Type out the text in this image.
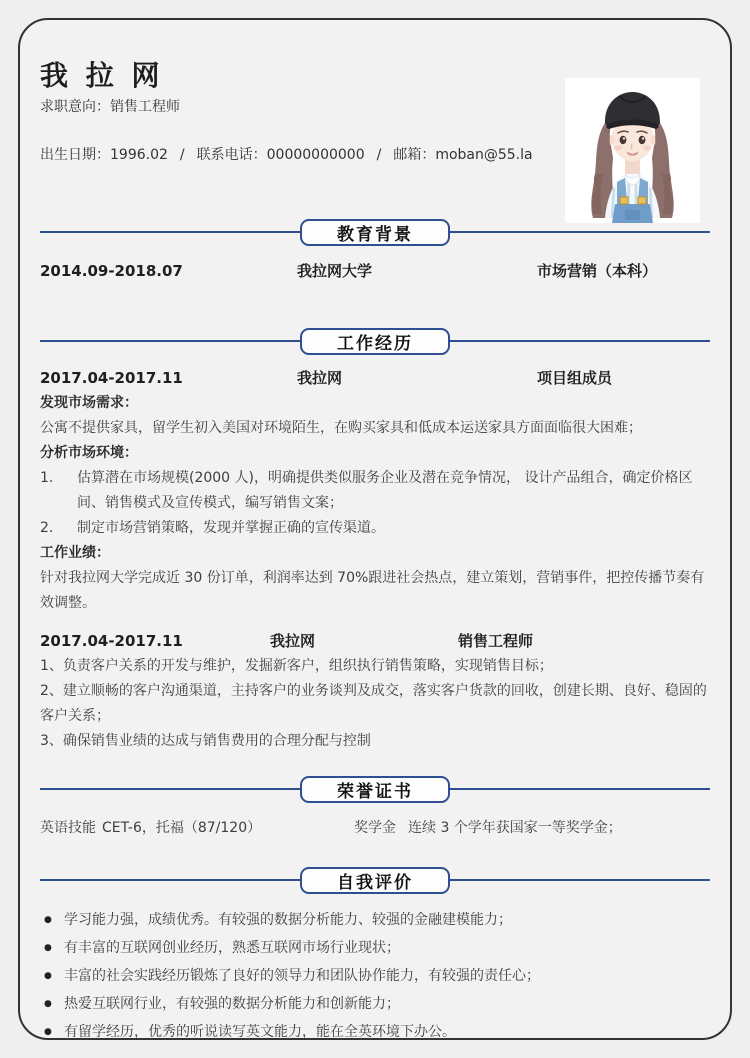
我 拉 网
求职意向：销售工程师
出生日期：1996.02 / 联系电话：00000000000 / 邮箱：moban@55.la
教育背景
2014.09-2018.07	我拉网大学	市场营销（本科）
工作经历
2017.04-2017.11	我拉网	项目组成员

发现市场需求：

公寓不提供家具，留学生初入美国对环境陌生，在购买家具和低成本运送家具方面面临很大困难；

分析市场环境：

1.	估算潜在市场规模(2000 人)，明确提供类似服务企业及潜在竞争情况， 设计产品组合，确定价格区间、销售模式及宣传模式，编写销售文案；
2.	制定市场营销策略，发现并掌握正确的宣传渠道。

工作业绩：

针对我拉网大学完成近 30 份订单，利润率达到 70%跟进社会热点，建立策划，营销事件，把控传播节奏有效调整。

2017.04-2017.11	我拉网	销售工程师

1、负责客户关系的开发与维护，发掘新客户，组织执行销售策略，实现销售目标；

2、建立顺畅的客户沟通渠道，主持客户的业务谈判及成交，落实客户货款的回收，创建长期、良好、稳固的客户关系；

3、确保销售业绩的达成与销售费用的合理分配与控制

荣誉证书
英语技能 CET-6，托福（87/120）	奖学金 连续 3 个学年获国家一等奖学金；
自我评价
● 学习能力强，成绩优秀。有较强的数据分析能力、较强的金融建模能力；
● 有丰富的互联网创业经历，熟悉互联网市场行业现状；
● 丰富的社会实践经历锻炼了良好的领导力和团队协作能力，有较强的责任心；
● 热爱互联网行业，有较强的数据分析能力和创新能力；
● 有留学经历，优秀的听说读写英文能力，能在全英环境下办公。
